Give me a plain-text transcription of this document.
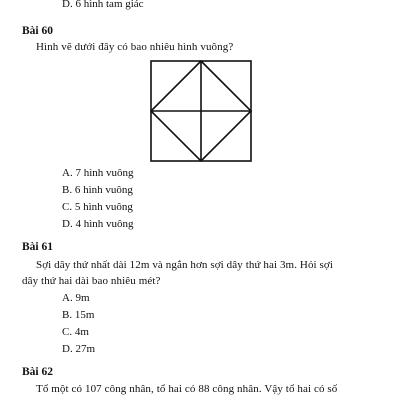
D. 6 hình tam giác
Bài 60
Hình vẽ dưới đây có bao nhiêu hình vuông?
A. 7 hình vuông
B. 6 hình vuông
C. 5 hình vuông
D. 4 hình vuông
Bài 61
Sợi dây thứ nhất dài 12m và ngắn hơn sợi dây thứ hai 3m. Hỏi sợi
dây thứ hai dài bao nhiêu mét?
A. 9m
B. 15m
C. 4m
D. 27m
Bài 62
Tổ một có 107 công nhân, tổ hai có 88 công nhân. Vậy tổ hai có số
